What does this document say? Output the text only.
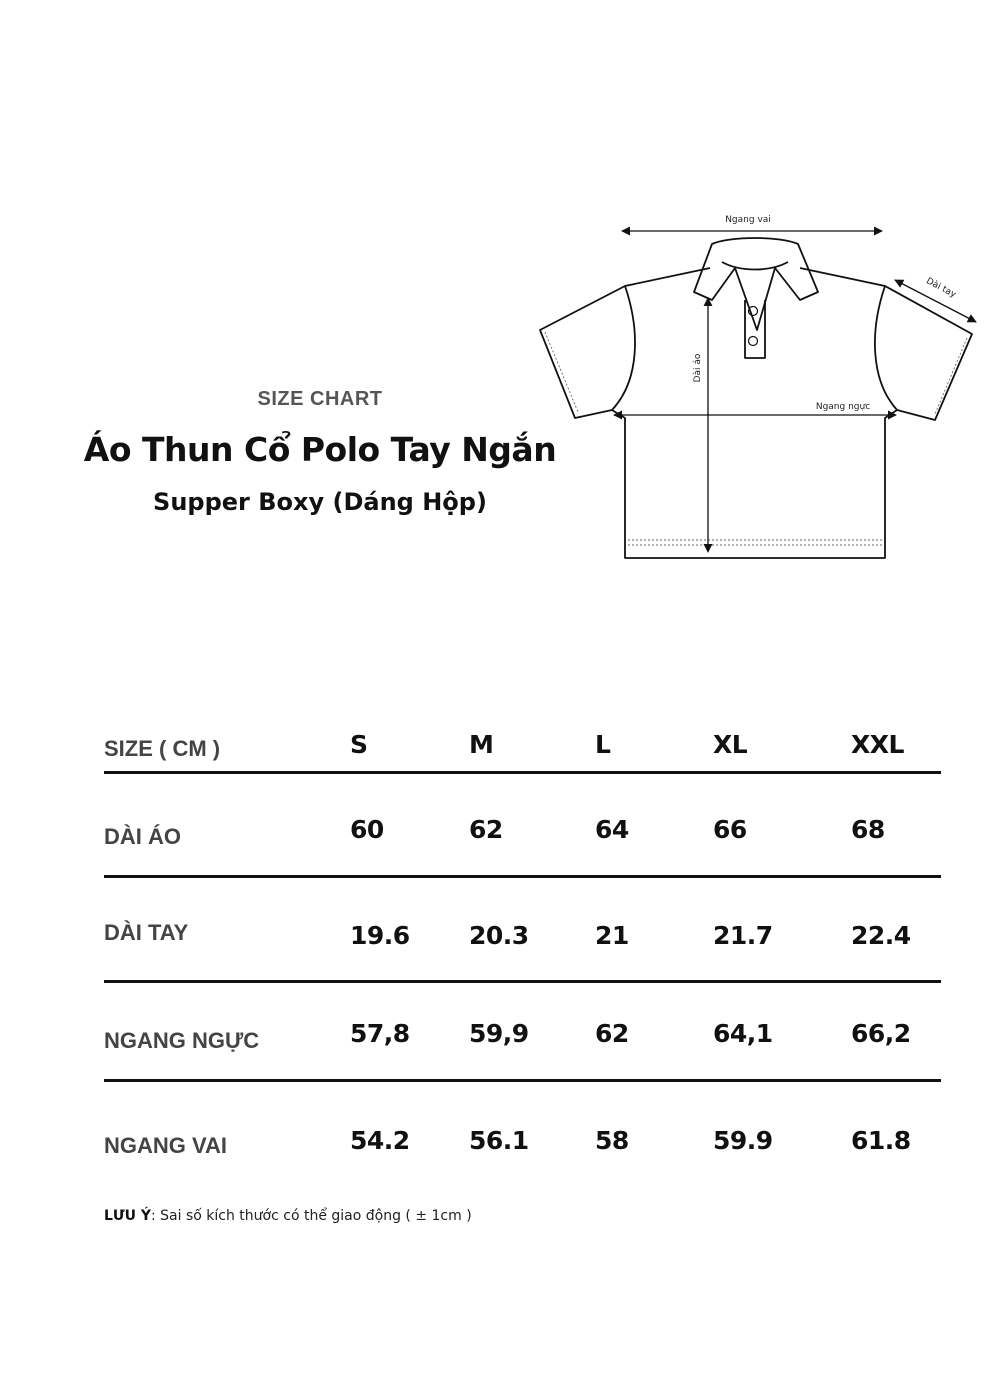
SIZE CHART
Áo Thun Cổ Polo Tay Ngắn
Supper Boxy (Dáng Hộp)
Ngang vai
Dài tay
Dài áo
Ngang ngực
SIZE ( CM )	S	M	L	XL	XXL
DÀI ÁO	60	62	64	66	68
DÀI TAY	19.6	20.3	21	21.7	22.4
NGANG NGỰC	57,8	59,9	62	64,1	66,2
NGANG VAI	54.2	56.1	58	59.9	61.8
LƯU Ý: Sai số kích thước có thể giao động ( ± 1cm )
